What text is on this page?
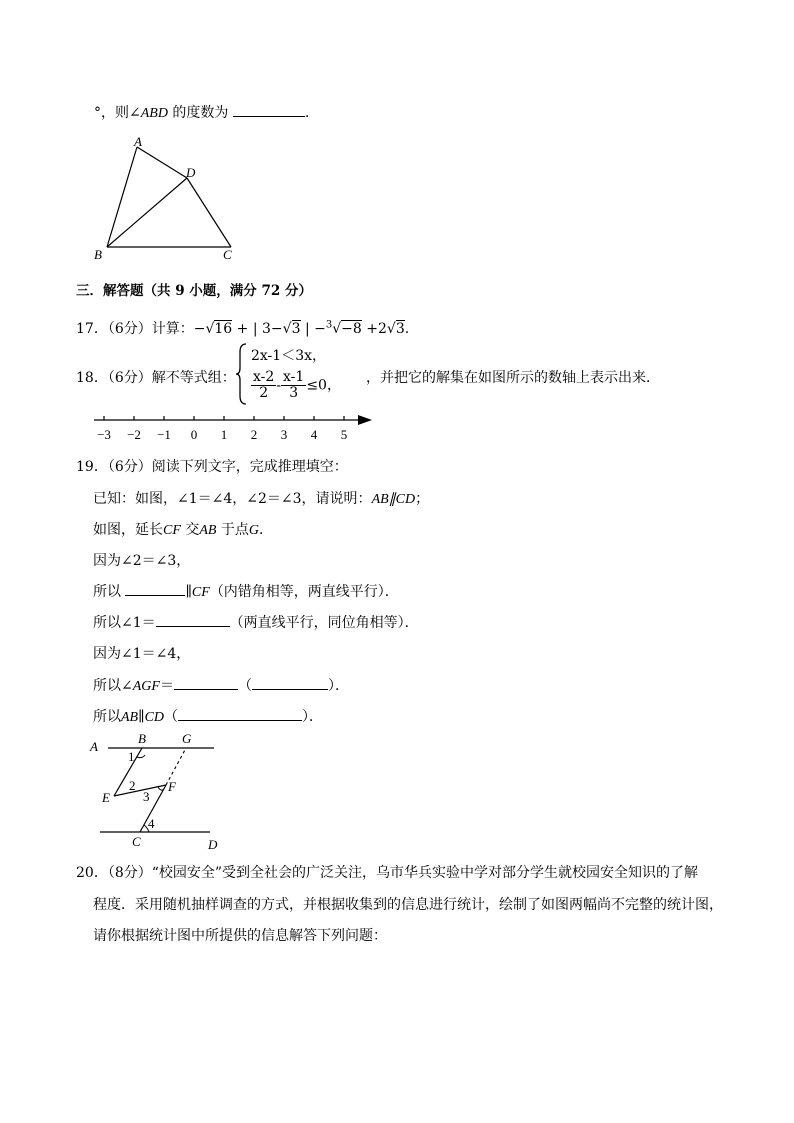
°，则∠ABD 的度数为	.
A
D
B	C
三．解答题（共 9 小题，满分 72 分）
17．（6分）计算：−√16 + | 3−√3 | −$^3$√−8 +2√3.
18．（6分）解不等式组：
2x-1＜3x，
$\frac{x-2}{2} - \frac{x-1}{3} \le 0$， ，并把它的解集在如图所示的数轴上表示出来．
−3 −2 −1 0 1 2 3 4 5
19．（6分）阅读下列文字，完成推理填空：
已知：如图，∠1＝∠4，∠2＝∠3，请说明：AB∥CD；
如图，延长CF 交AB 于点G．
因为∠2＝∠3，
所以	∥CF（内错角相等，两直线平行）．
所以∠1＝	（两直线平行，同位角相等）．
因为∠1＝∠4，
所以∠AGF＝	（	）．
所以AB∥CD（	）．
A
B	G
E
F
C	D
1
2
3
4
20．（8分）“校园安全”受到全社会的广泛关注，乌市华兵实验中学对部分学生就校园安全知识的了解
程度．采用随机抽样调查的方式，并根据收集到的信息进行统计，绘制了如图两幅尚不完整的统计图，
请你根据统计图中所提供的信息解答下列问题：
